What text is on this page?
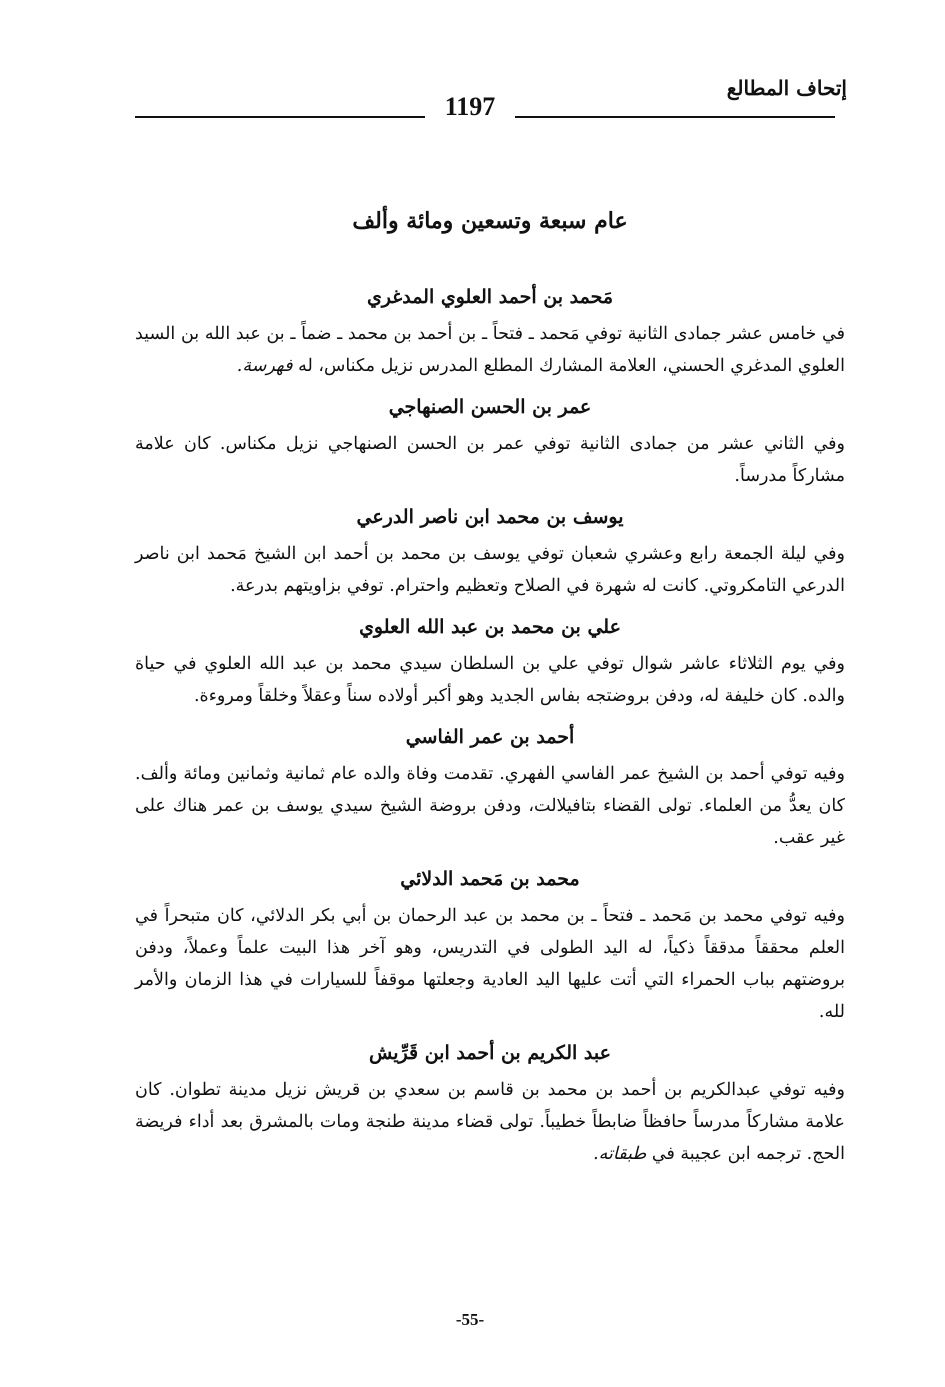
إتحاف المطالع
1197
عام سبعة وتسعين ومائة وألف
مَحمد بن أحمد العلوي المدغري

في خامس عشر جمادى الثانية توفي مَحمد ـ فتحاً ـ بن أحمد بن محمد ـ ضماً ـ بن عبد الله بن السيد العلوي المدغري الحسني، العلامة المشارك المطلع المدرس نزيل مكناس، له فهرسة.

عمر بن الحسن الصنهاجي

وفي الثاني عشر من جمادى الثانية توفي عمر بن الحسن الصنهاجي نزيل مكناس. كان علامة مشاركاً مدرساً.

يوسف بن محمد ابن ناصر الدرعي

وفي ليلة الجمعة رابع وعشري شعبان توفي يوسف بن محمد بن أحمد ابن الشيخ مَحمد ابن ناصر الدرعي التامكروتي. كانت له شهرة في الصلاح وتعظيم واحترام. توفي بزاويتهم بدرعة.

علي بن محمد بن عبد الله العلوي

وفي يوم الثلاثاء عاشر شوال توفي علي بن السلطان سيدي محمد بن عبد الله العلوي في حياة والده. كان خليفة له، ودفن بروضتجه بفاس الجديد وهو أكبر أولاده سناً وعقلاً وخلقاً ومروءة.

أحمد بن عمر الفاسي

وفيه توفي أحمد بن الشيخ عمر الفاسي الفهري. تقدمت وفاة والده عام ثمانية وثمانين ومائة وألف. كان يعدُّ من العلماء. تولى القضاء بتافيلالت، ودفن بروضة الشيخ سيدي يوسف بن عمر هناك على غير عقب.

محمد بن مَحمد الدلائي

وفيه توفي محمد بن مَحمد ـ فتحاً ـ بن محمد بن عبد الرحمان بن أبي بكر الدلائي، كان متبحراً في العلم محققاً مدققاً ذكياً، له اليد الطولى في التدريس، وهو آخر هذا البيت علماً وعملاً، ودفن بروضتهم بباب الحمراء التي أتت عليها اليد العادية وجعلتها موقفاً للسيارات في هذا الزمان والأمر لله.

عبد الكريم بن أحمد ابن قَرِّيش

وفيه توفي عبدالكريم بن أحمد بن محمد بن قاسم بن سعدي بن قريش نزيل مدينة تطوان. كان علامة مشاركاً مدرساً حافظاً ضابطاً خطيباً. تولى قضاء مدينة طنجة ومات بالمشرق بعد أداء فريضة الحج. ترجمه ابن عجيبة في طبقاته.

-55-
